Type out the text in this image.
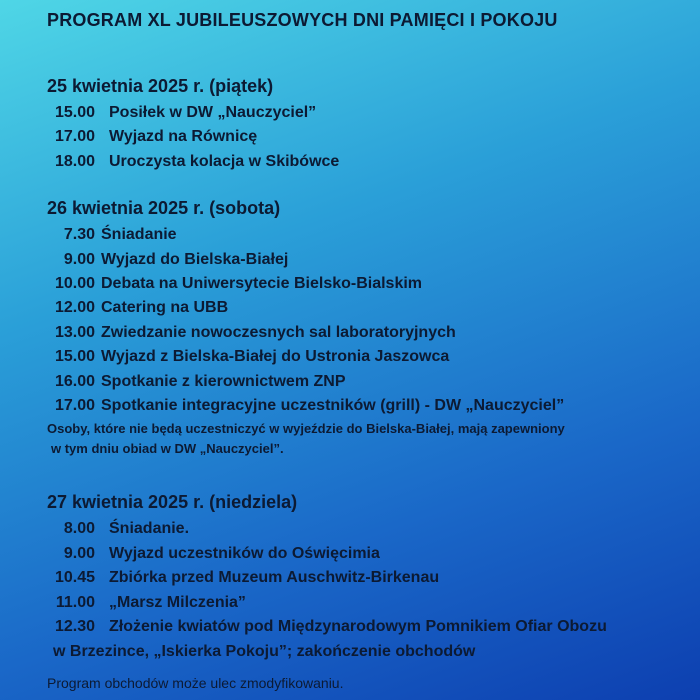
PROGRAM XL JUBILEUSZOWYCH DNI PAMIĘCI I POKOJU
25 kwietnia 2025 r. (piątek)
15.00 Posiłek w DW „Nauczyciel”
17.00 Wyjazd na Równicę
18.00 Uroczysta kolacja w Skibówce
26 kwietnia 2025 r. (sobota)
7.30 Śniadanie
9.00 Wyjazd do Bielska-Białej
10.00 Debata na Uniwersytecie Bielsko-Bialskim
12.00 Catering na UBB
13.00 Zwiedzanie nowoczesnych sal laboratoryjnych
15.00 Wyjazd z Bielska-Białej do Ustronia Jaszowca
16.00 Spotkanie z kierownictwem ZNP
17.00 Spotkanie integracyjne uczestników (grill) - DW „Nauczyciel”
Osoby, które nie będą uczestniczyć w wyjeździe do Bielska-Białej, mają zapewniony
w tym dniu obiad w DW „Nauczyciel”.
27 kwietnia 2025 r. (niedziela)
8.00 Śniadanie.
9.00 Wyjazd uczestników do Oświęcimia
10.45 Zbiórka przed Muzeum Auschwitz-Birkenau
11.00 „Marsz Milczenia”
12.30 Złożenie kwiatów pod Międzynarodowym Pomnikiem Ofiar Obozu
w Brzezince, „Iskierka Pokoju”; zakończenie obchodów
Program obchodów może ulec zmodyfikowaniu.
